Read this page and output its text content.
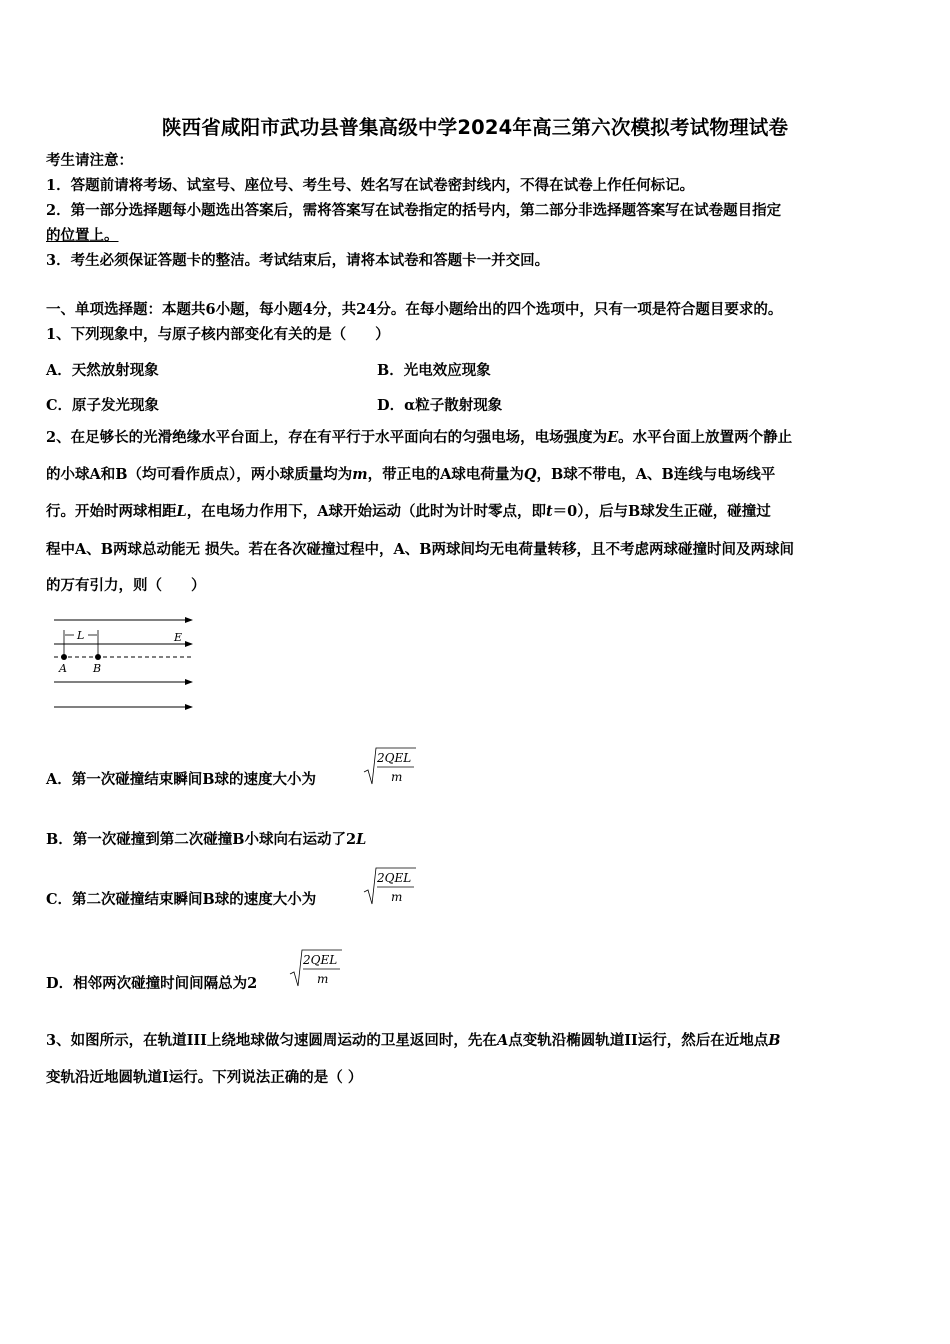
陕西省咸阳市武功县普集高级中学2024年高三第六次模拟考试物理试卷
考生请注意：
1．答题前请将考场、试室号、座位号、考生号、姓名写在试卷密封线内，不得在试卷上作任何标记。
2．第一部分选择题每小题选出答案后，需将答案写在试卷指定的括号内，第二部分非选择题答案写在试卷题目指定
的位置上。
3．考生必须保证答题卡的整洁。考试结束后，请将本试卷和答题卡一并交回。
一、单项选择题：本题共6小题，每小题4分，共24分。在每小题给出的四个选项中，只有一项是符合题目要求的。
1、下列现象中，与原子核内部变化有关的是（　　）
A．天然放射现象	B．光电效应现象
C．原子发光现象	D．α粒子散射现象
2、在足够长的光滑绝缘水平台面上，存在有平行于水平面向右的匀强电场，电场强度为E。水平台面上放置两个静止
的小球A和B（均可看作质点），两小球质量均为m，带正电的A球电荷量为Q，B球不带电，A、B连线与电场线平
行。开始时两球相距L，在电场力作用下，A球开始运动（此时为计时零点，即t＝0），后与B球发生正碰，碰撞过
程中A、B两球总动能无 损失。若在各次碰撞过程中，A、B两球间均无电荷量转移，且不考虑两球碰撞时间及两球间
的万有引力，则（　　）
L	E
A B
A．第一次碰撞结束瞬间B球的速度大小为
2QEL
m
B．第一次碰撞到第二次碰撞B小球向右运动了2L
C．第二次碰撞结束瞬间B球的速度大小为
2QEL
m
D．相邻两次碰撞时间间隔总为2
2QEL
m
3、如图所示，在轨道III上绕地球做匀速圆周运动的卫星返回时，先在A点变轨沿椭圆轨道II运行，然后在近地点B
变轨沿近地圆轨道I运行。下列说法正确的是（ ）
